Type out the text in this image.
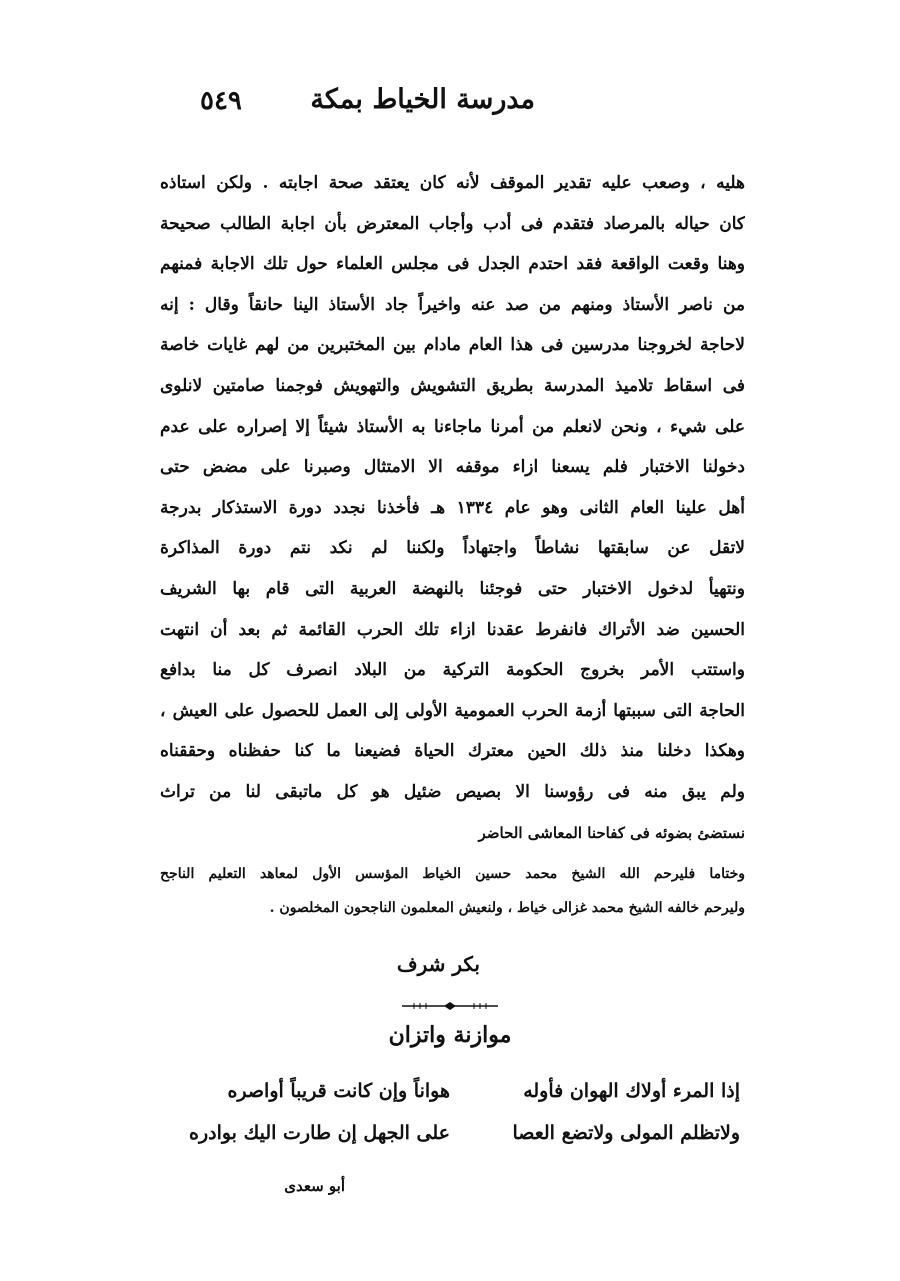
مدرسة الخياط بمكة
٥٤٩
هليه ، وصعب عليه تقدير الموقف لأنه كان يعتقد صحة اجابته . ولكن استاذه
كان حياله بالمرصاد فتقدم فى أدب وأجاب المعترض بأن اجابة الطالب صحيحة
وهنا وقعت الواقعة فقد احتدم الجدل فى مجلس العلماء حول تلك الاجابة فمنهم
من ناصر الأستاذ ومنهم من صد عنه واخيراً جاد الأستاذ الينا حانقاً وقال : إنه
لاحاجة لخروجنا مدرسين فى هذا العام مادام بين المختبرين من لهم غايات خاصة
فى اسقاط تلاميذ المدرسة بطريق التشويش والتهويش فوجمنا صامتين لانلوى
على شيء ، ونحن لانعلم من أمرنا ماجاءنا به الأستاذ شيئاً إلا إصراره على عدم
دخولنا الاختبار فلم يسعنا ازاء موقفه الا الامتثال وصبرنا على مضض حتى
أهل علينا العام الثانى وهو عام ١٣٣٤ هـ فأخذنا نجدد دورة الاستذكار بدرجة
لاتقل عن سابقتها نشاطاً واجتهاداً ولكننا لم نكد نتم دورة المذاكرة
ونتهيأ لدخول الاختبار حتى فوجئنا بالنهضة العربية التى قام بها الشريف
الحسين ضد الأتراك فانفرط عقدنا ازاء تلك الحرب القائمة ثم بعد أن انتهت
واستتب الأمر بخروج الحكومة التركية من البلاد انصرف كل منا بدافع
الحاجة التى سببتها أزمة الحرب العمومية الأولى إلى العمل للحصول على العيش ،
وهكذا دخلنا منذ ذلك الحين معترك الحياة فضيعنا ما كنا حفظناه وحققناه
ولم يبق منه فى رؤوسنا الا بصيص ضئيل هو كل ماتبقى لنا من تراث
نستضئ بضوئه فى كفاحنا المعاشى الحاضر
وختاما فليرحم الله الشيخ محمد حسين الخياط المؤسس الأول لمعاهد التعليم الناجح
وليرحم خالفه الشيخ محمد غزالى خياط ، ولنعيش المعلمون الناجحون المخلصون .
بكر شرف
موازنة واتزان
إذا المرء أولاك الهوان فأوله
هواناً وإن كانت قريباً أواصره
ولاتظلم المولى ولاتضع العصا
على الجهل إن طارت اليك بوادره
أبو سعدى
